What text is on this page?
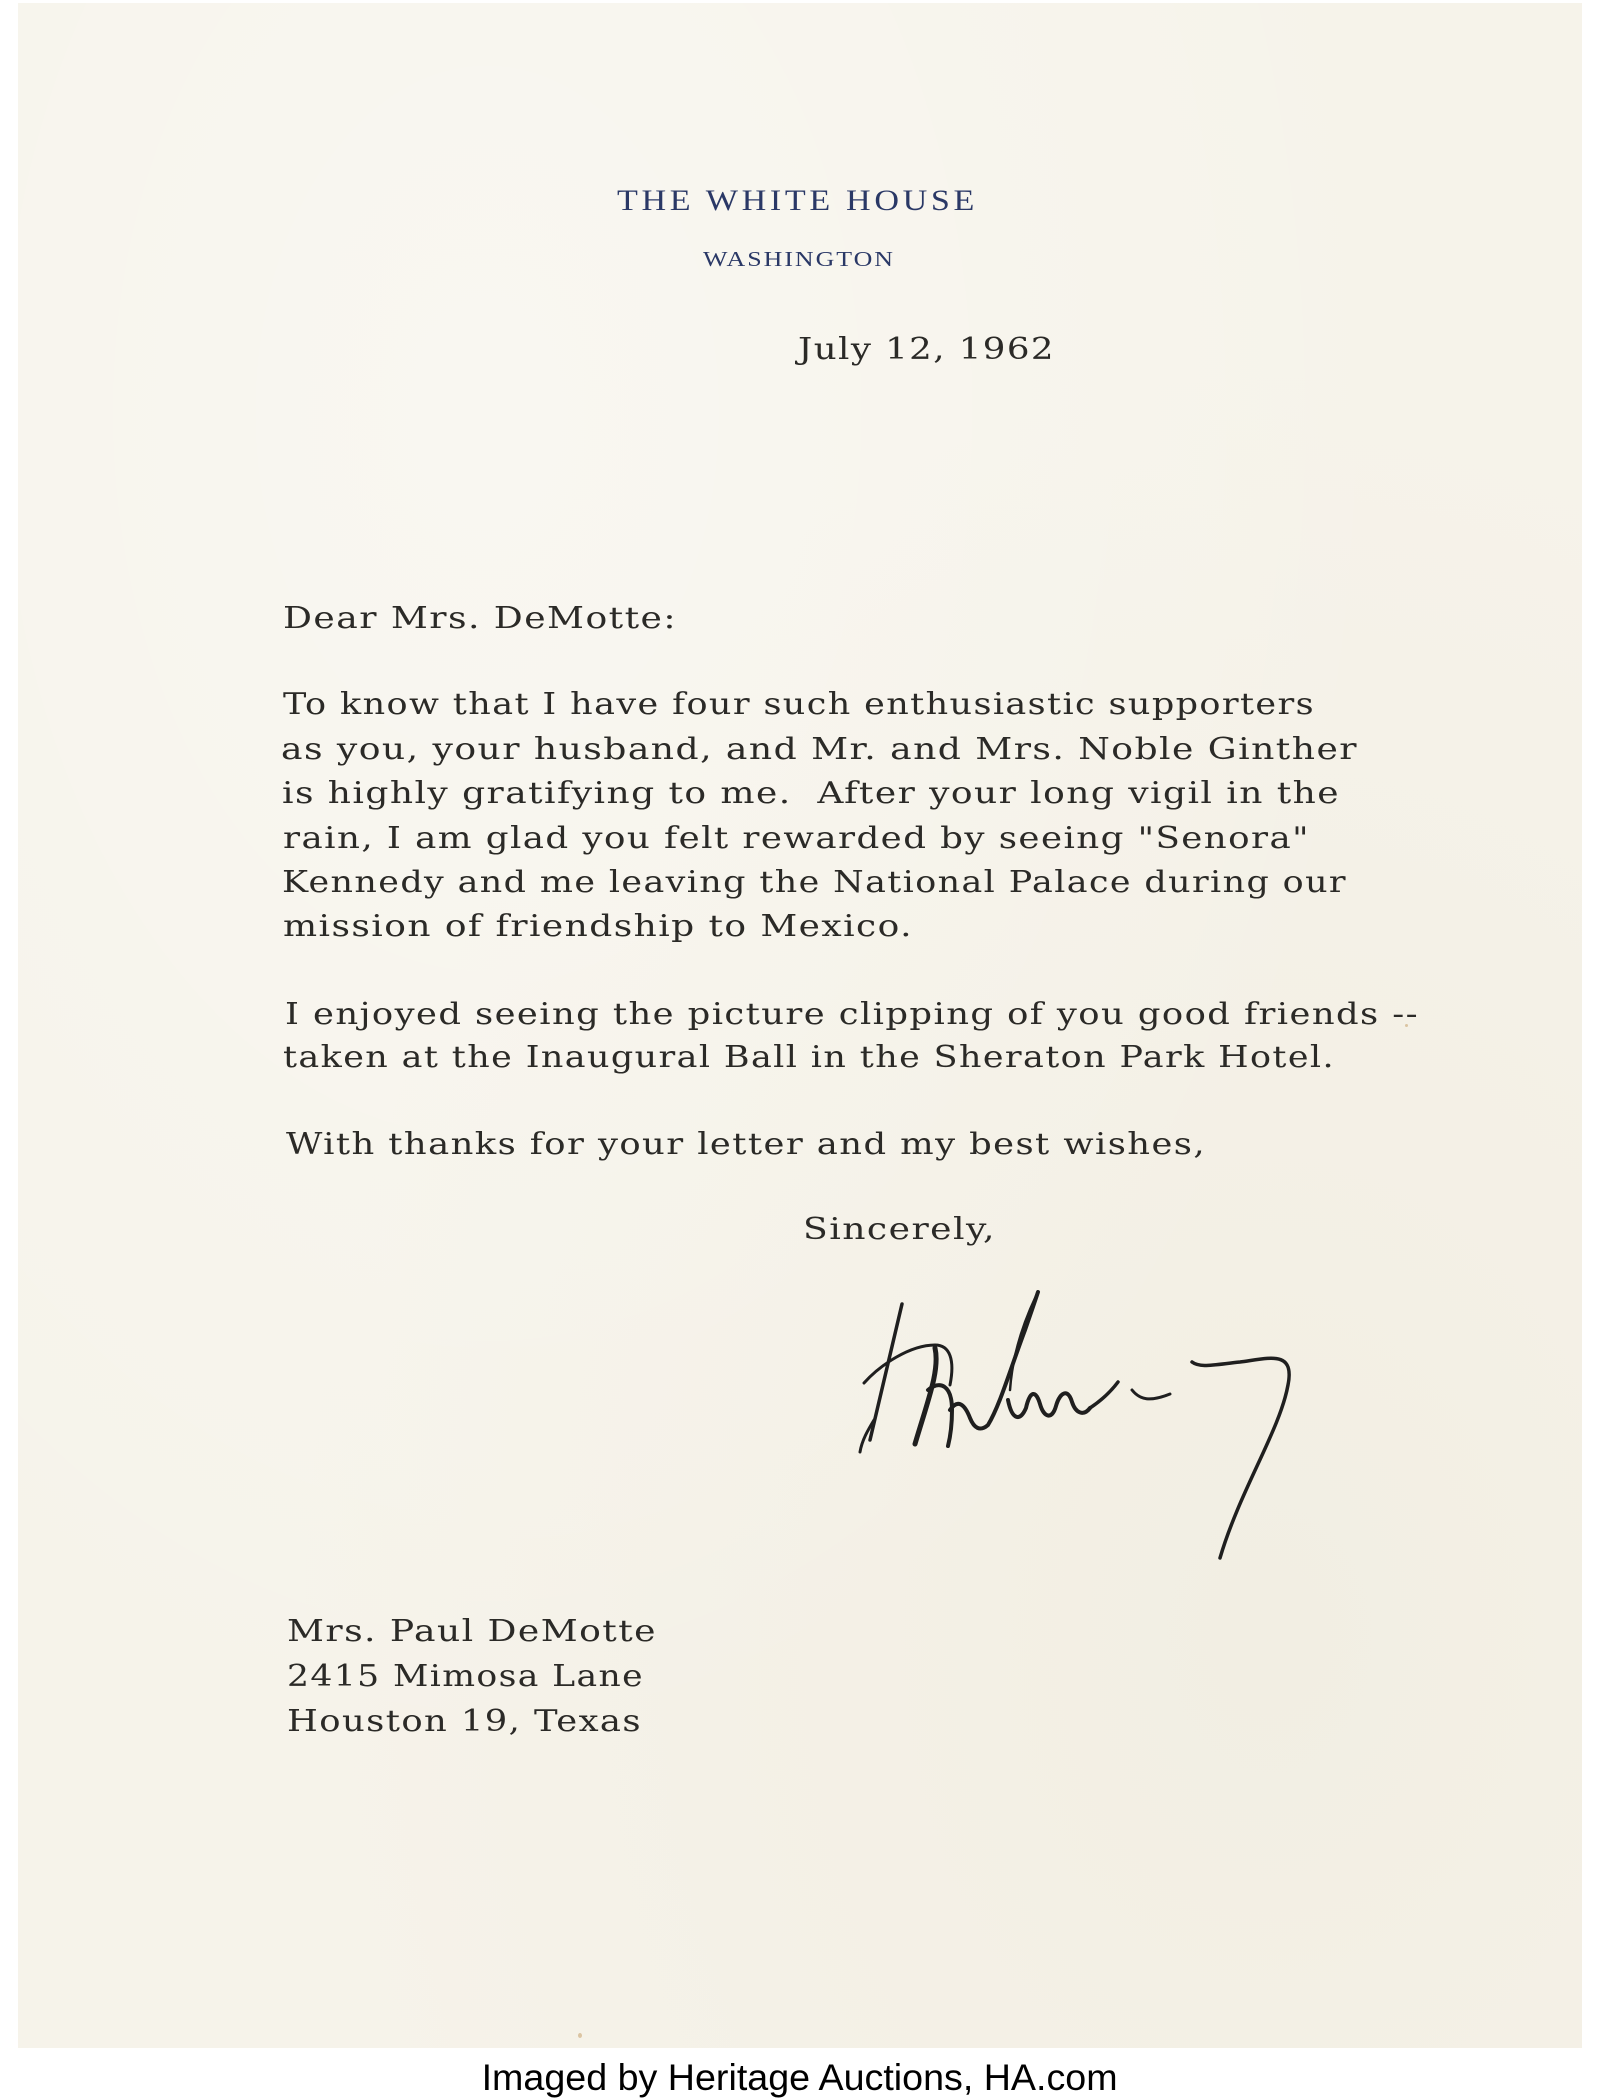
THE WHITE HOUSE
WASHINGTON
July 12, 1962
Dear Mrs. DeMotte:
To know that I have four such enthusiastic supporters
as you, your husband, and Mr. and Mrs. Noble Ginther
is highly gratifying to me.  After your long vigil in the
rain, I am glad you felt rewarded by seeing "Senora"
Kennedy and me leaving the National Palace during our
mission of friendship to Mexico.
I enjoyed seeing the picture clipping of you good friends --
taken at the Inaugural Ball in the Sheraton Park Hotel.
With thanks for your letter and my best wishes,
Sincerely,
Mrs. Paul DeMotte
2415 Mimosa Lane
Houston 19, Texas
Imaged by Heritage Auctions, HA.com
